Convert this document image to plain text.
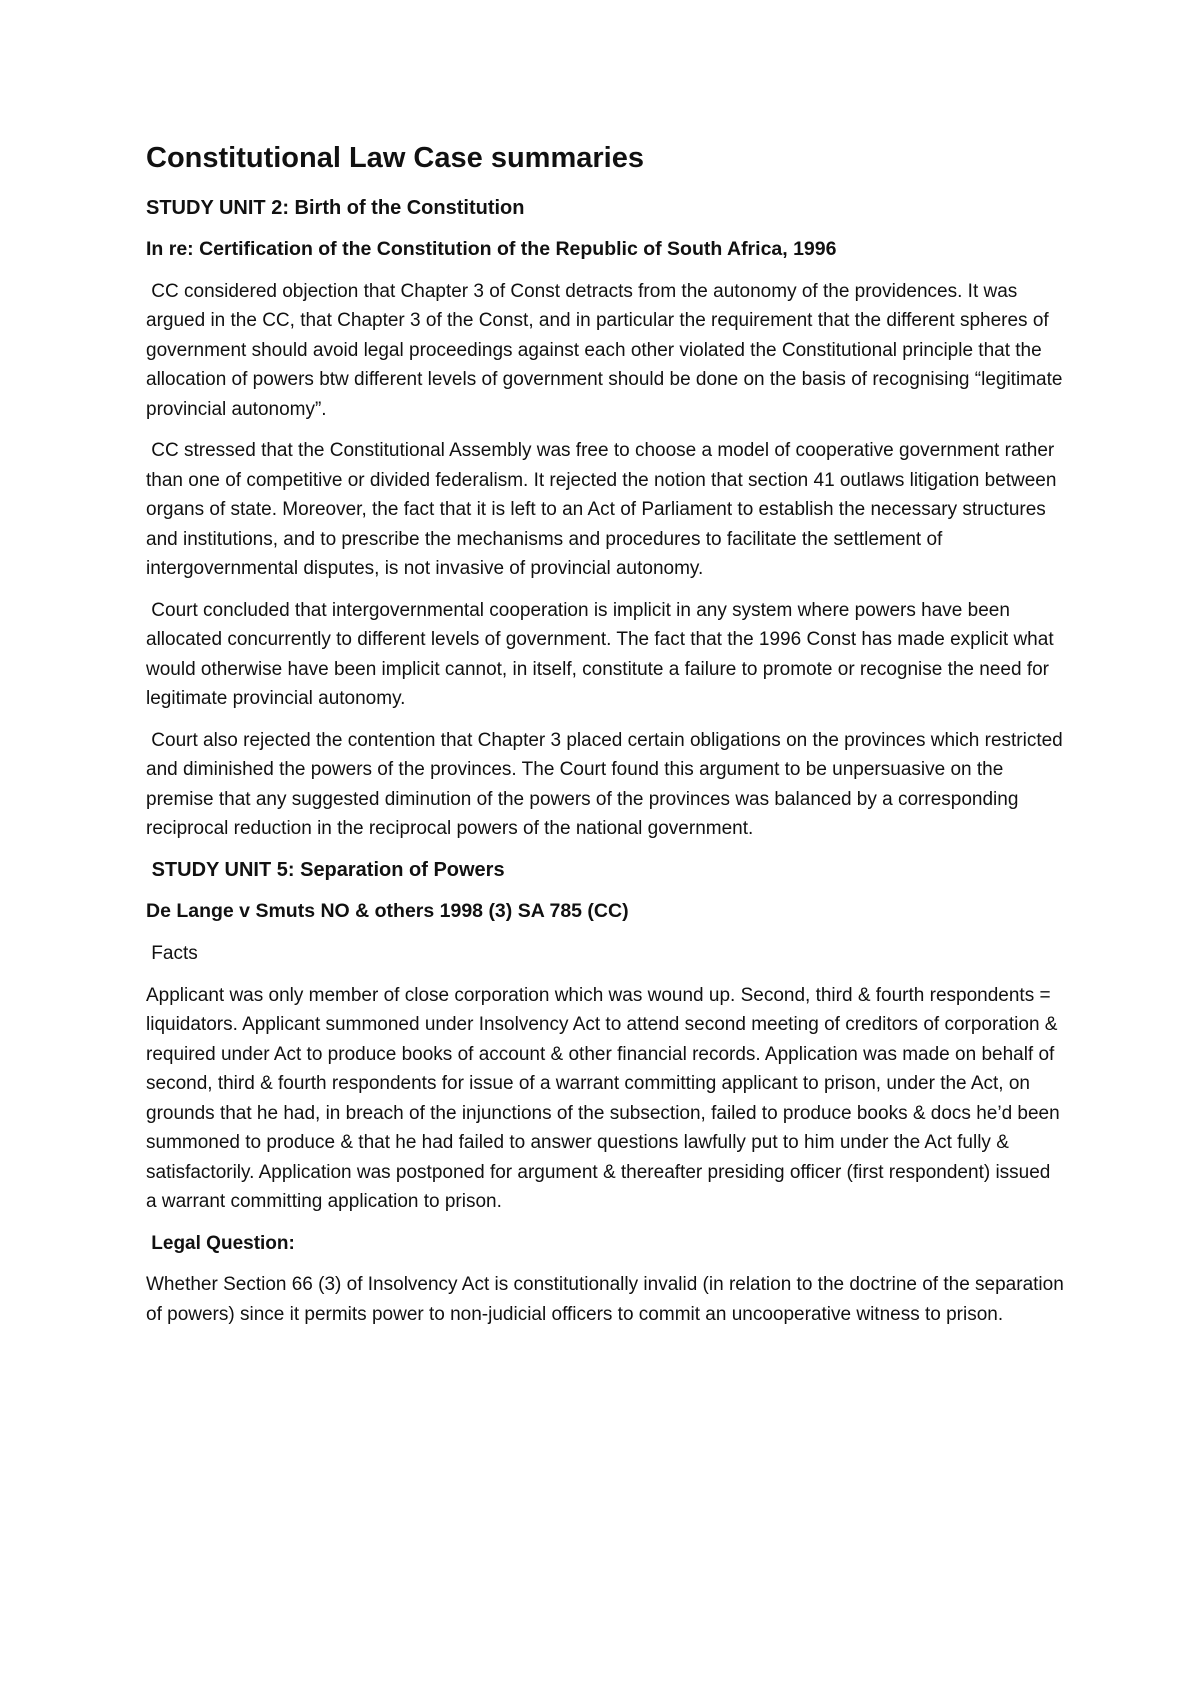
Constitutional Law Case summaries
STUDY UNIT 2: Birth of the Constitution
In re: Certification of the Constitution of the Republic of South Africa, 1996

CC considered objection that Chapter 3 of Const detracts from the autonomy of the providences. It was argued in the CC, that Chapter 3 of the Const, and in particular the requirement that the different spheres of government should avoid legal proceedings against each other violated the Constitutional principle that the allocation of powers btw different levels of government should be done on the basis of recognising “legitimate provincial autonomy”.

CC stressed that the Constitutional Assembly was free to choose a model of cooperative government rather than one of competitive or divided federalism. It rejected the notion that section 41 outlaws litigation between organs of state. Moreover, the fact that it is left to an Act of Parliament to establish the necessary structures and institutions, and to prescribe the mechanisms and procedures to facilitate the settlement of intergovernmental disputes, is not invasive of provincial autonomy.

Court concluded that intergovernmental cooperation is implicit in any system where powers have been allocated concurrently to different levels of government. The fact that the 1996 Const has made explicit what would otherwise have been implicit cannot, in itself, constitute a failure to promote or recognise the need for legitimate provincial autonomy.

Court also rejected the contention that Chapter 3 placed certain obligations on the provinces which restricted and diminished the powers of the provinces. The Court found this argument to be unpersuasive on the premise that any suggested diminution of the powers of the provinces was balanced by a corresponding reciprocal reduction in the reciprocal powers of the national government.

STUDY UNIT 5: Separation of Powers
De Lange v Smuts NO & others 1998 (3) SA 785 (CC)

Facts

Applicant was only member of close corporation which was wound up. Second, third & fourth respondents = liquidators. Applicant summoned under Insolvency Act to attend second meeting of creditors of corporation & required under Act to produce books of account & other financial records. Application was made on behalf of second, third & fourth respondents for issue of a warrant committing applicant to prison, under the Act, on grounds that he had, in breach of the injunctions of the subsection, failed to produce books & docs he’d been summoned to produce & that he had failed to answer questions lawfully put to him under the Act fully & satisfactorily. Application was postponed for argument & thereafter presiding officer (first respondent) issued a warrant committing application to prison.

Legal Question:

Whether Section 66 (3) of Insolvency Act is constitutionally invalid (in relation to the doctrine of the separation of powers) since it permits power to non-judicial officers to commit an uncooperative witness to prison.
